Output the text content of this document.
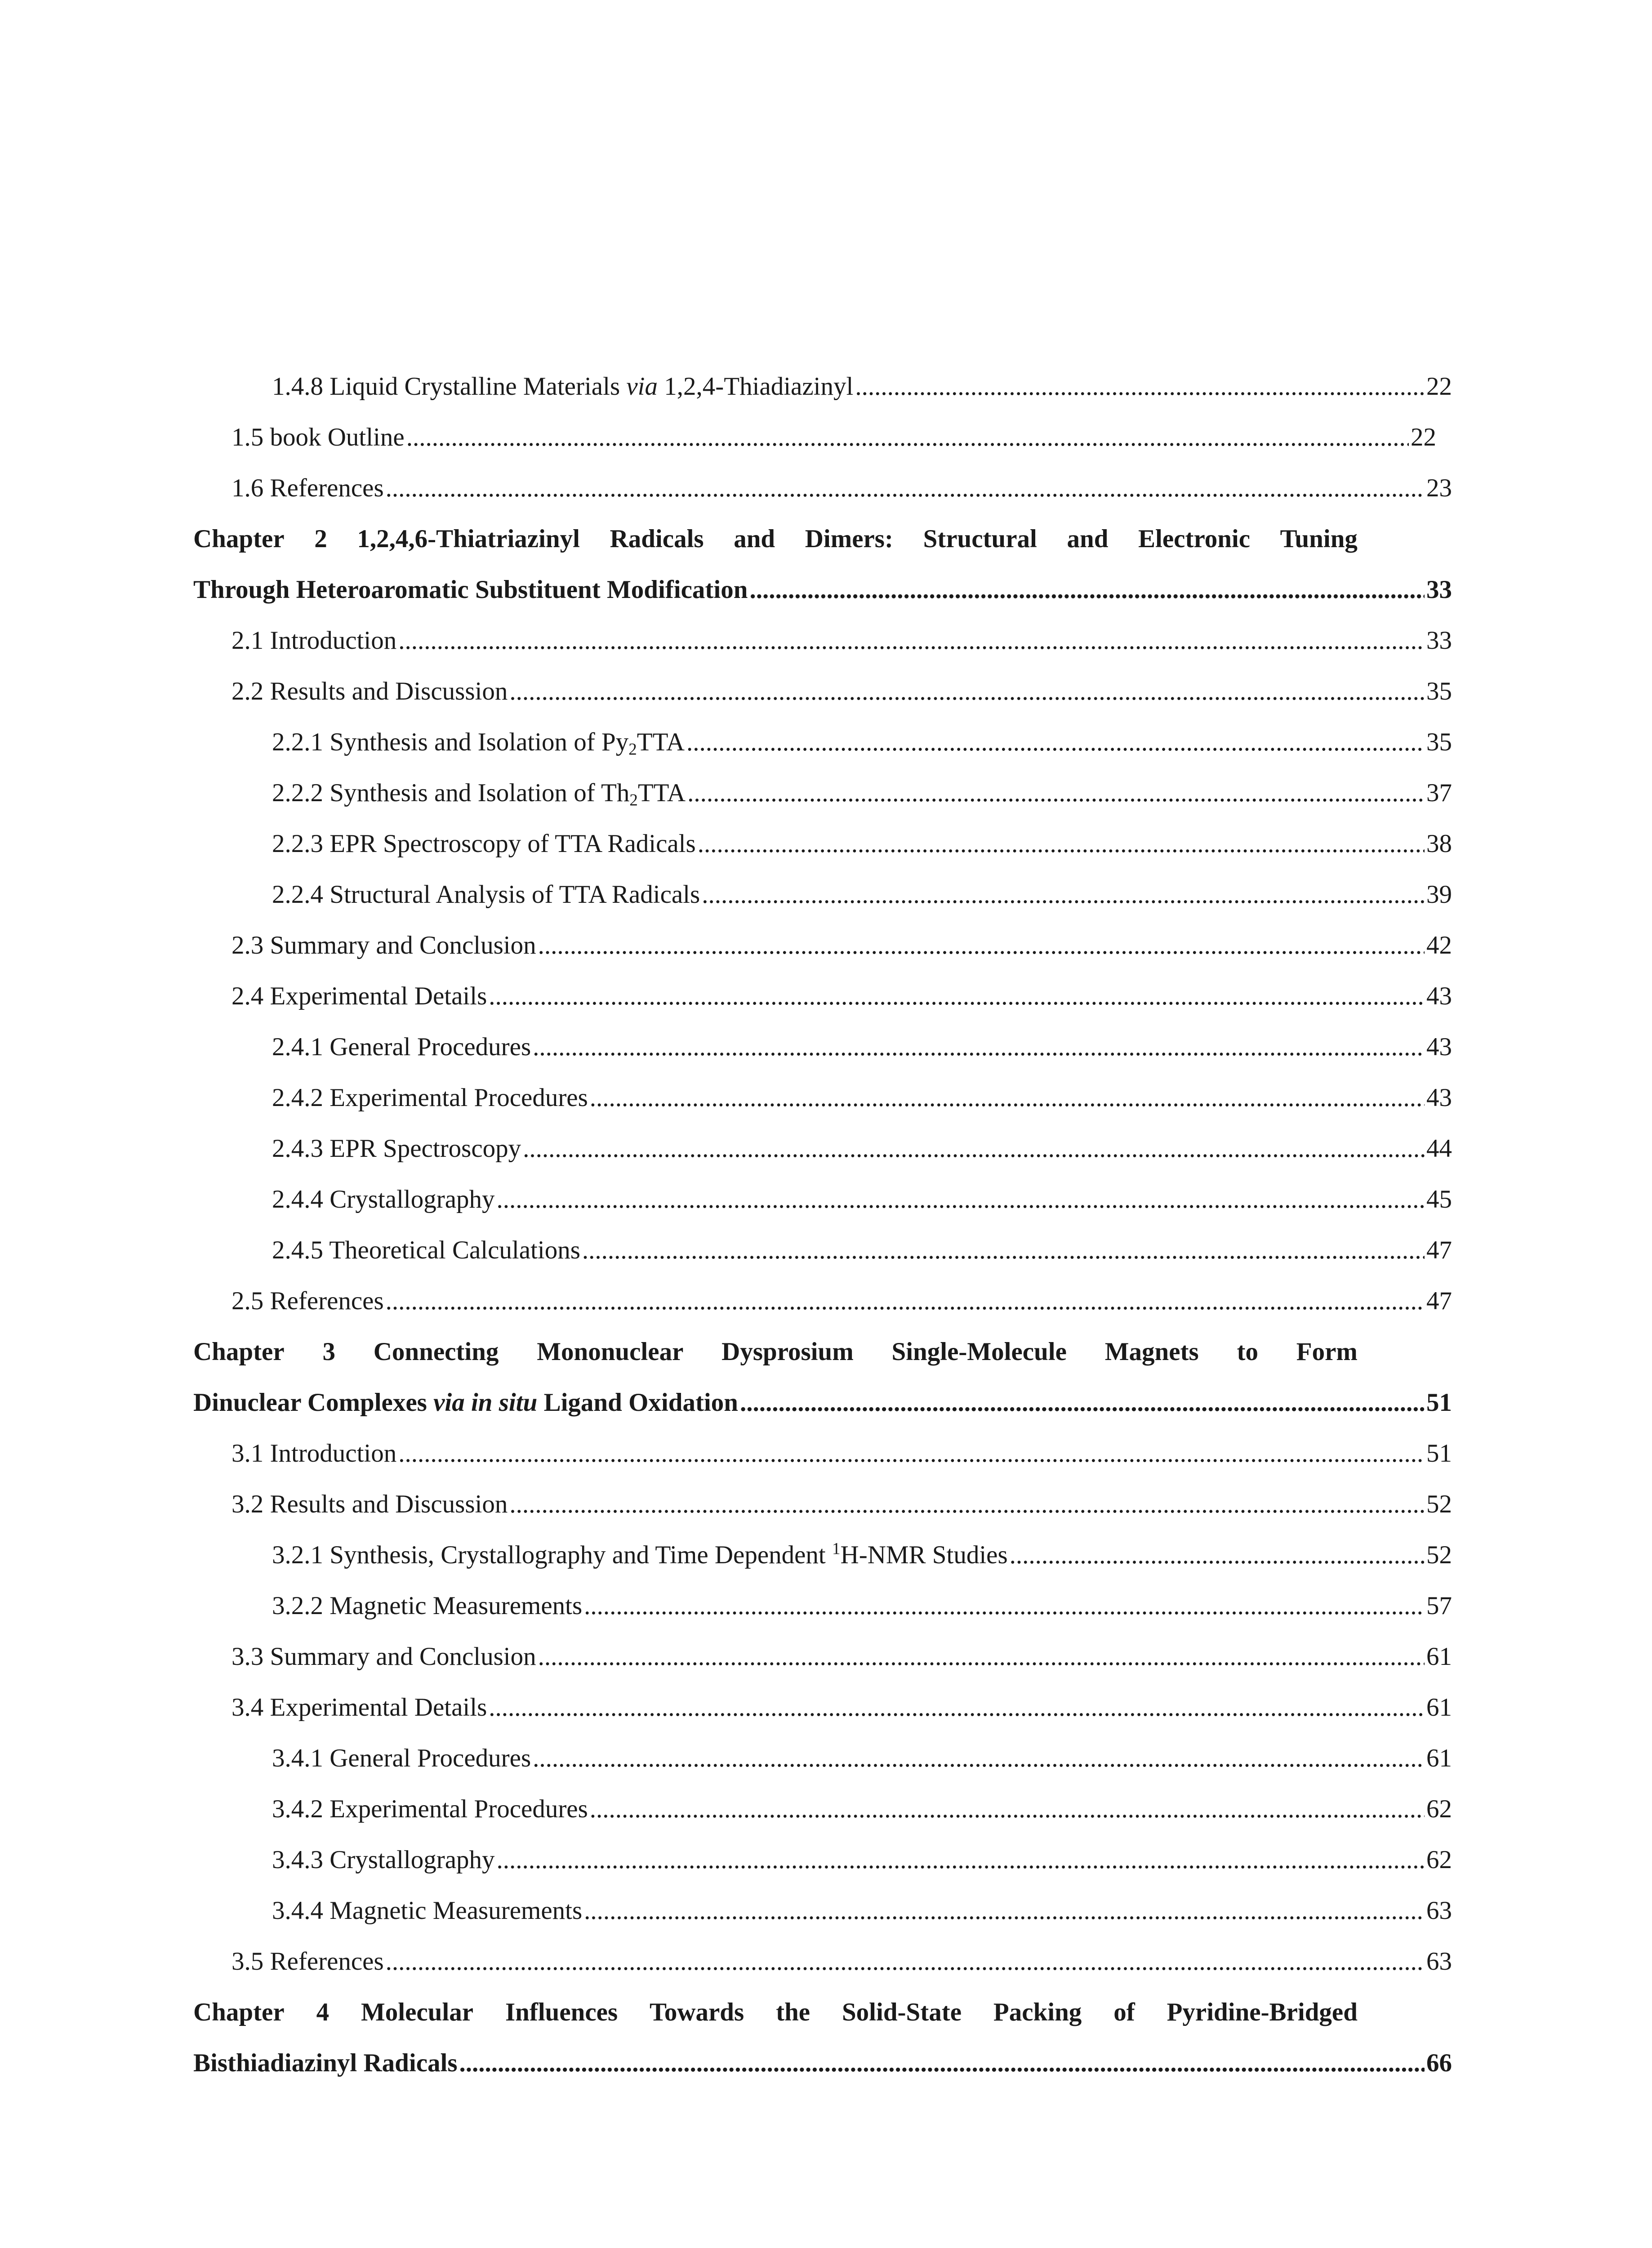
1.4.8 Liquid Crystalline Materials via 1,2,4-Thiadiazinyl .....	22
1.5 book Outline .....	22
1.6 References .....	23
Chapter 2 1,2,4,6-Thiatriazinyl Radicals and Dimers: Structural and Electronic Tuning
Through Heteroaromatic Substituent Modification .....	33
2.1 Introduction .....	33
2.2 Results and Discussion .....	35
2.2.1 Synthesis and Isolation of $Py_2TTA$ .....	35
2.2.2 Synthesis and Isolation of $Th_2TTA$ .....	37
2.2.3 EPR Spectroscopy of TTA Radicals .....	38
2.2.4 Structural Analysis of TTA Radicals .....	39
2.3 Summary and Conclusion .....	42
2.4 Experimental Details .....	43
2.4.1 General Procedures .....	43
2.4.2 Experimental Procedures .....	43
2.4.3 EPR Spectroscopy .....	44
2.4.4 Crystallography .....	45
2.4.5 Theoretical Calculations .....	47
2.5 References .....	47
Chapter 3 Connecting Mononuclear Dysprosium Single-Molecule Magnets to Form
Dinuclear Complexes via in situ Ligand Oxidation .....	51
3.1 Introduction .....	51
3.2 Results and Discussion .....	52
3.2.1 Synthesis, Crystallography and Time Dependent $^1$H-NMR Studies .....	52
3.2.2 Magnetic Measurements .....	57
3.3 Summary and Conclusion .....	61
3.4 Experimental Details .....	61
3.4.1 General Procedures .....	61
3.4.2 Experimental Procedures .....	62
3.4.3 Crystallography .....	62
3.4.4 Magnetic Measurements .....	63
3.5 References .....	63
Chapter 4 Molecular Influences Towards the Solid-State Packing of Pyridine-Bridged
Bisthiadiazinyl Radicals .....	66
